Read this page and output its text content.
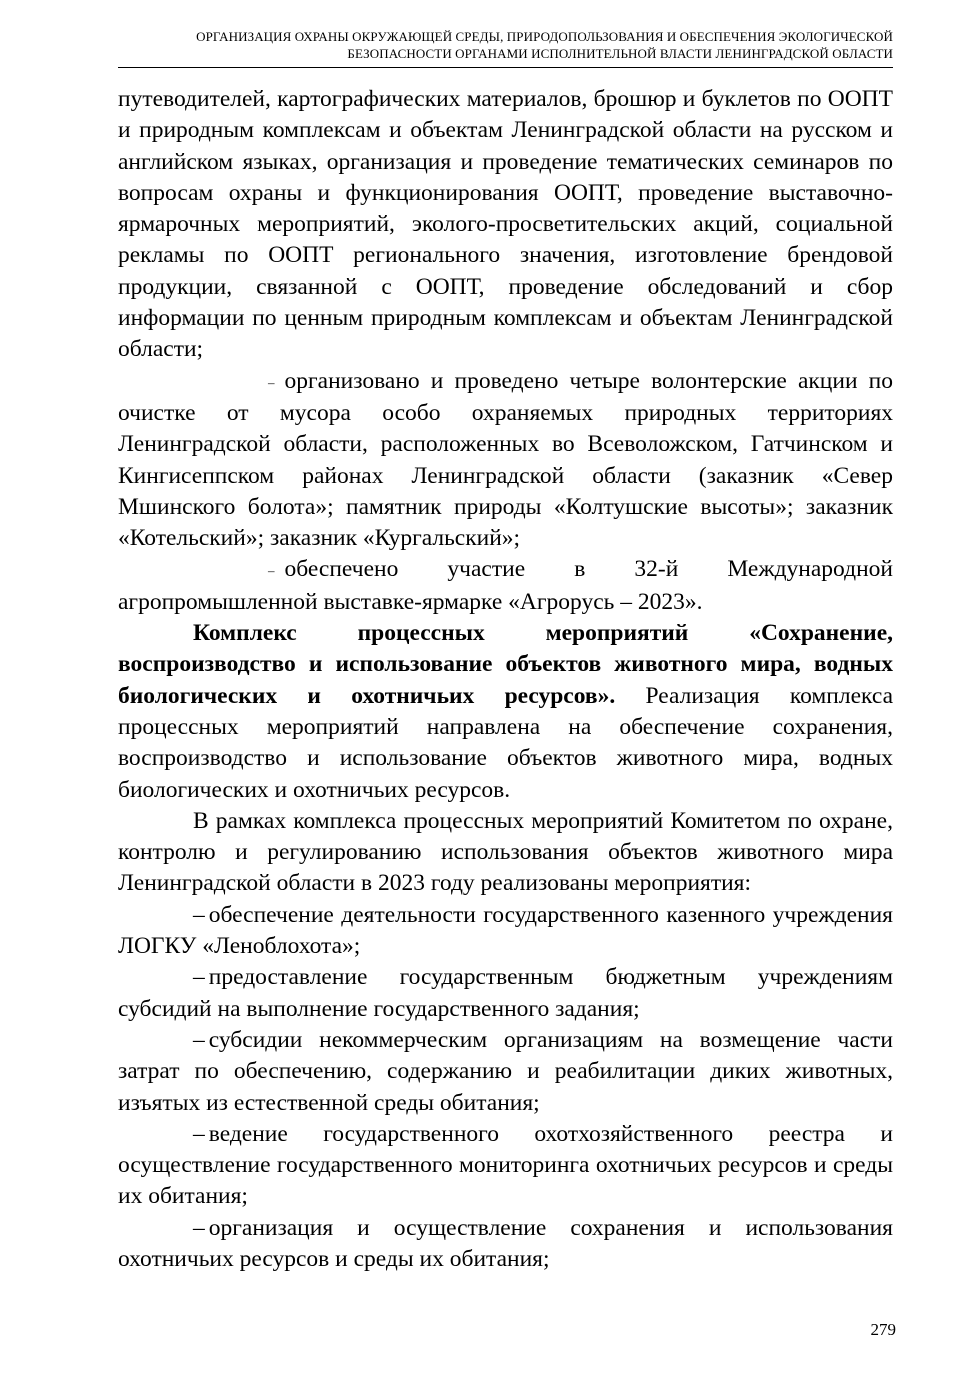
ОРГАНИЗАЦИЯ ОХРАНЫ ОКРУЖАЮЩЕЙ СРЕДЫ, ПРИРОДОПОЛЬЗОВАНИЯ И ОБЕСПЕЧЕНИЯ ЭКОЛОГИЧЕСКОЙ
БЕЗОПАСНОСТИ ОРГАНАМИ ИСПОЛНИТЕЛЬНОЙ ВЛАСТИ ЛЕНИНГРАДСКОЙ ОБЛАСТИ

путеводителей, картографических материалов, брошюр и буклетов по ООПТ и природным комплексам и объектам Ленинградской области на русском и английском языках, организация и проведение тематических семинаров по вопросам охраны и функционирования ООПТ, проведение выставочно-ярмарочных мероприятий, эколого-просветительских акций, социальной рекламы по ООПТ регионального значения, изготовление брендовой продукции, связанной с ООПТ, проведение обследований и сбор информации по ценным природным комплексам и объектам Ленинградской области;

– организовано и проведено четыре волонтерские акции по очистке от мусора особо охраняемых природных территориях Ленинградской области, расположенных во Всеволожском, Гатчинском и Кингисеппском районах Ленинградской области (заказник «Север Мшинского болота»; памятник природы «Колтушские высоты»; заказник «Котельский»; заказник «Кургальский»;

– обеспечено участие в 32-й Международной агропромышленной выставке-ярмарке «Агрорусь – 2023».

Комплекс процессных мероприятий «Сохранение, воспроизводство и использование объектов животного мира, водных биологических и охотничьих ресурсов». Реализация комплекса процессных мероприятий направлена на обеспечение сохранения, воспроизводство и использование объектов животного мира, водных биологических и охотничьих ресурсов.

В рамках комплекса процессных мероприятий Комитетом по охране, контролю и регулированию использования объектов животного мира Ленинградской области в 2023 году реализованы мероприятия:

– обеспечение деятельности государственного казенного учреждения ЛОГКУ «Леноблохота»;

– предоставление государственным бюджетным учреждениям субсидий на выполнение государственного задания;

– субсидии некоммерческим организациям на возмещение части затрат по обеспечению, содержанию и реабилитации диких животных, изъятых из естественной среды обитания;

– ведение государственного охотхозяйственного реестра и осуществление государственного мониторинга охотничьих ресурсов и среды их обитания;

– организация и осуществление сохранения и использования охотничьих ресурсов и среды их обитания;

279
